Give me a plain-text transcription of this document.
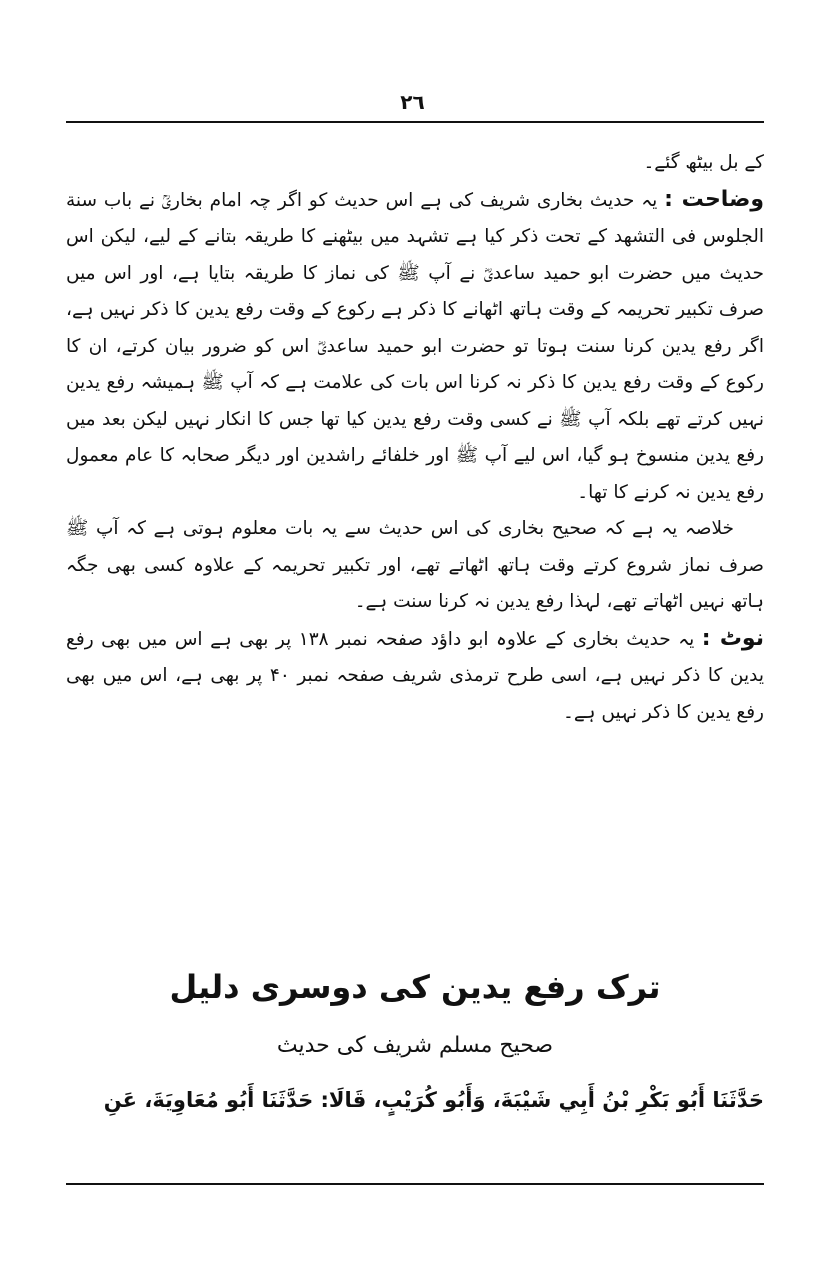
٢٦

کے بل بیٹھ گئے۔

وضاحت : یہ حدیث بخاری شریف کی ہے اس حدیث کو اگر چہ امام بخاریؒ نے باب سنة الجلوس فی التشهد کے تحت ذکر کیا ہے تشہد میں بیٹھنے کا طریقہ بتانے کے لیے، لیکن اس حدیث میں حضرت ابو حمید ساعدیؓ نے آپ ﷺ کی نماز کا طریقہ بتایا ہے، اور اس میں صرف تکبیر تحریمہ کے وقت ہاتھ اٹھانے کا ذکر ہے رکوع کے وقت رفع یدین کا ذکر نہیں ہے، اگر رفع یدین کرنا سنت ہوتا تو حضرت ابو حمید ساعدیؓ اس کو ضرور بیان کرتے، ان کا رکوع کے وقت رفع یدین کا ذکر نہ کرنا اس بات کی علامت ہے کہ آپ ﷺ ہمیشہ رفع یدین نہیں کرتے تھے بلکہ آپ ﷺ نے کسی وقت رفع یدین کیا تھا جس کا انکار نہیں لیکن بعد میں رفع یدین منسوخ ہو گیا، اس لیے آپ ﷺ اور خلفائے راشدین اور دیگر صحابہ کا عام معمول رفع یدین نہ کرنے کا تھا۔

خلاصہ یہ ہے کہ صحیح بخاری کی اس حدیث سے یہ بات معلوم ہوتی ہے کہ آپ ﷺ صرف نماز شروع کرتے وقت ہاتھ اٹھاتے تھے، اور تکبیر تحریمہ کے علاوہ کسی بھی جگہ ہاتھ نہیں اٹھاتے تھے، لہذا رفع یدین نہ کرنا سنت ہے۔

نوٹ : یہ حدیث بخاری کے علاوہ ابو داؤد صفحہ نمبر ۱۳۸ پر بھی ہے اس میں بھی رفع یدین کا ذکر نہیں ہے، اسی طرح ترمذی شریف صفحہ نمبر ۴۰ پر بھی ہے، اس میں بھی رفع یدین کا ذکر نہیں ہے۔

ترک رفع یدین کی دوسری دلیل
صحیح مسلم شریف کی حدیث
حَدَّثَنَا أَبُو بَكْرِ بْنُ أَبِي شَيْبَةَ، وَأَبُو كُرَيْبٍ، قَالَا: حَدَّثَنَا أَبُو مُعَاوِيَةَ، عَنِ
